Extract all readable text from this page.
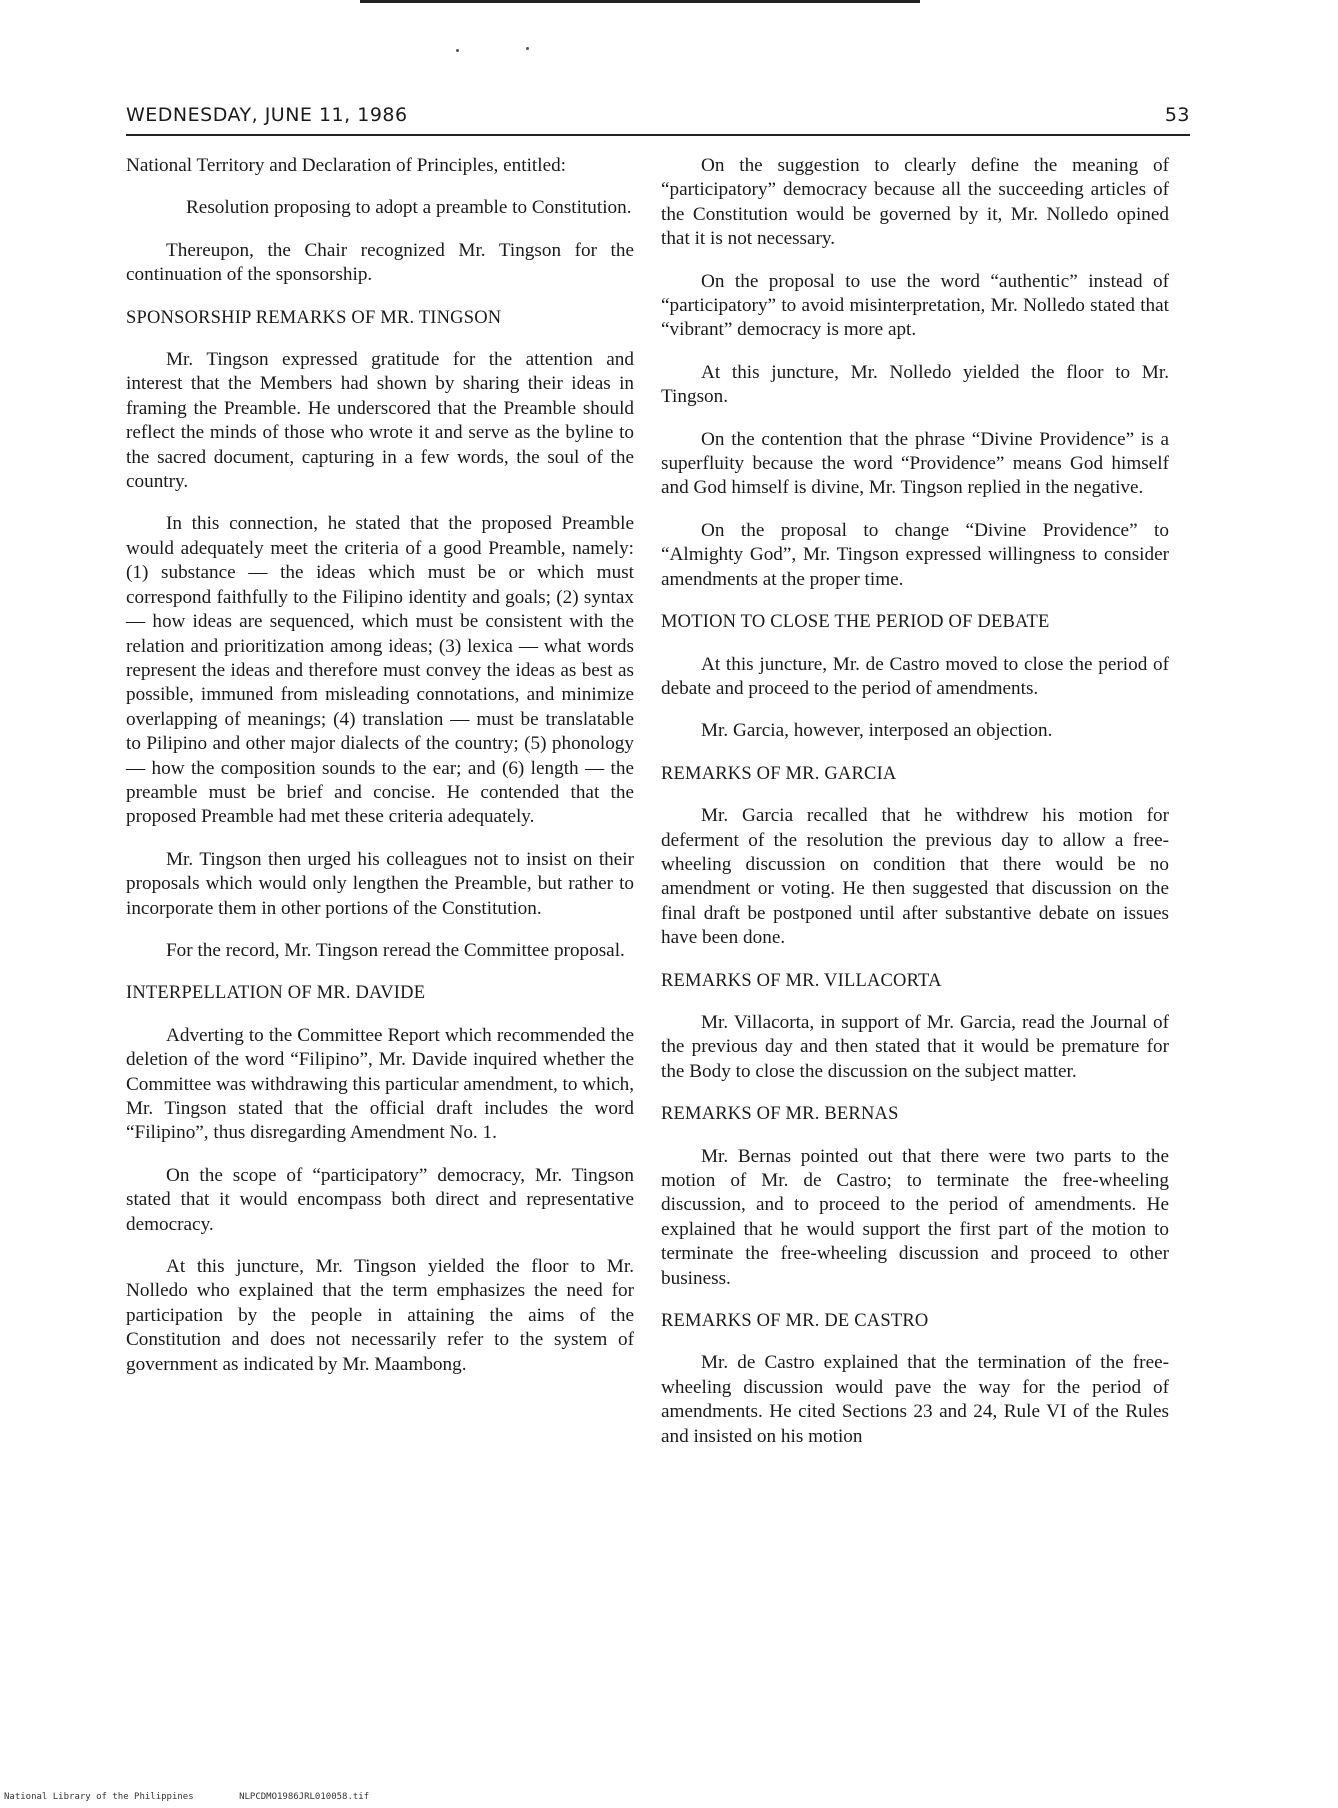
WEDNESDAY, JUNE 11, 1986	53

National Territory and Declaration of Principles, entitled:

Resolution proposing to adopt a preamble to Constitution.

Thereupon, the Chair recognized Mr. Tingson for the continuation of the sponsorship.

SPONSORSHIP REMARKS OF MR. TINGSON

Mr. Tingson expressed gratitude for the attention and interest that the Members had shown by sharing their ideas in framing the Preamble. He underscored that the Preamble should reflect the minds of those who wrote it and serve as the byline to the sacred document, capturing in a few words, the soul of the country.

In this connection, he stated that the proposed Preamble would adequately meet the criteria of a good Preamble, namely: (1) substance — the ideas which must be or which must correspond faithfully to the Filipino identity and goals; (2) syntax — how ideas are sequenced, which must be consistent with the relation and prioritization among ideas; (3) lexica — what words represent the ideas and therefore must convey the ideas as best as possible, immuned from misleading connotations, and minimize overlapping of meanings; (4) translation — must be translatable to Pilipino and other major dialects of the country; (5) phonology — how the composition sounds to the ear; and (6) length — the preamble must be brief and concise. He contended that the proposed Preamble had met these criteria adequately.

Mr. Tingson then urged his colleagues not to insist on their proposals which would only lengthen the Preamble, but rather to incorporate them in other portions of the Constitution.

For the record, Mr. Tingson reread the Committee proposal.

INTERPELLATION OF MR. DAVIDE

Adverting to the Committee Report which recommended the deletion of the word “Filipino”, Mr. Davide inquired whether the Committee was withdrawing this particular amendment, to which, Mr. Tingson stated that the official draft includes the word “Filipino”, thus disregarding Amendment No. 1.

On the scope of “participatory” democracy, Mr. Tingson stated that it would encompass both direct and representative democracy.

At this juncture, Mr. Tingson yielded the floor to Mr. Nolledo who explained that the term emphasizes the need for participation by the people in attaining the aims of the Constitution and does not necessarily refer to the system of government as indicated by Mr. Maambong.

On the suggestion to clearly define the meaning of “participatory” democracy because all the succeeding articles of the Constitution would be governed by it, Mr. Nolledo opined that it is not necessary.

On the proposal to use the word “authentic” instead of “participatory” to avoid misinterpretation, Mr. Nolledo stated that “vibrant” democracy is more apt.

At this juncture, Mr. Nolledo yielded the floor to Mr. Tingson.

On the contention that the phrase “Divine Providence” is a superfluity because the word “Providence” means God himself and God himself is divine, Mr. Tingson replied in the negative.

On the proposal to change “Divine Providence” to “Almighty God”, Mr. Tingson expressed willingness to consider amendments at the proper time.

MOTION TO CLOSE THE PERIOD OF DEBATE

At this juncture, Mr. de Castro moved to close the period of debate and proceed to the period of amendments.

Mr. Garcia, however, interposed an objection.

REMARKS OF MR. GARCIA

Mr. Garcia recalled that he withdrew his motion for deferment of the resolution the previous day to allow a free-wheeling discussion on condition that there would be no amendment or voting. He then suggested that discussion on the final draft be postponed until after substantive debate on issues have been done.

REMARKS OF MR. VILLACORTA

Mr. Villacorta, in support of Mr. Garcia, read the Journal of the previous day and then stated that it would be premature for the Body to close the discussion on the subject matter.

REMARKS OF MR. BERNAS

Mr. Bernas pointed out that there were two parts to the motion of Mr. de Castro; to terminate the free-wheeling discussion, and to proceed to the period of amendments. He explained that he would support the first part of the motion to terminate the free-wheeling discussion and proceed to other business.

REMARKS OF MR. DE CASTRO

Mr. de Castro explained that the termination of the free-wheeling discussion would pave the way for the period of amendments. He cited Sections 23 and 24, Rule VI of the Rules and insisted on his motion

National Library of the Philippines	NLPCDMO1986JRL010058.tif
